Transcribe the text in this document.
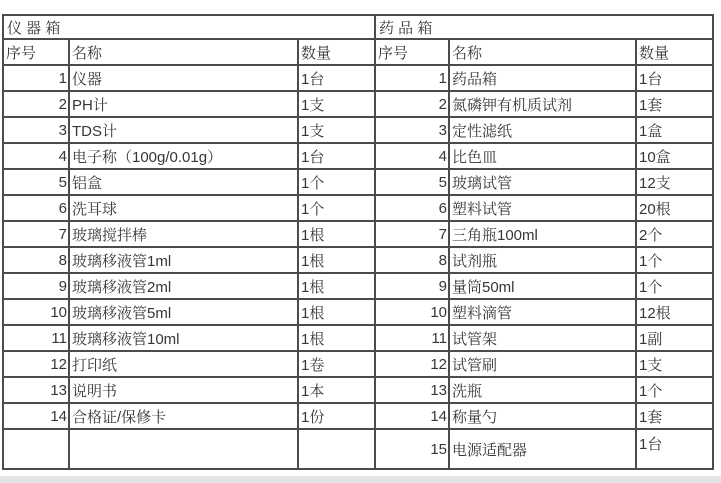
仪 器 箱		
序号	名称	数量
1	仪器	1台
2	PH计	1支
3	TDS计	1支
4	电子称（100g/0.01g）	1台
5	铝盒	1个
6	洗耳球	1个
7	玻璃搅拌棒	1根
8	玻璃移液管1ml	1根
9	玻璃移液管2ml	1根
10	玻璃移液管5ml	1根
11	玻璃移液管10ml	1根
12	打印纸	1卷
13	说明书	1本
14	合格证/保修卡	1份

药 品 箱		
序号	名称	数量
1	药品箱	1台
2	氮磷钾有机质试剂	1套
3	定性滤纸	1盒
4	比色皿	10盒
5	玻璃试管	12支
6	塑料试管	20根
7	三角瓶100ml	2个
8	试剂瓶	1个
9	量筒50ml	1个
10	塑料滴管	12根
11	试管架	1副
12	试管刷	1支
13	洗瓶	1个
14	称量勺	1套
15	电源适配器	1台
